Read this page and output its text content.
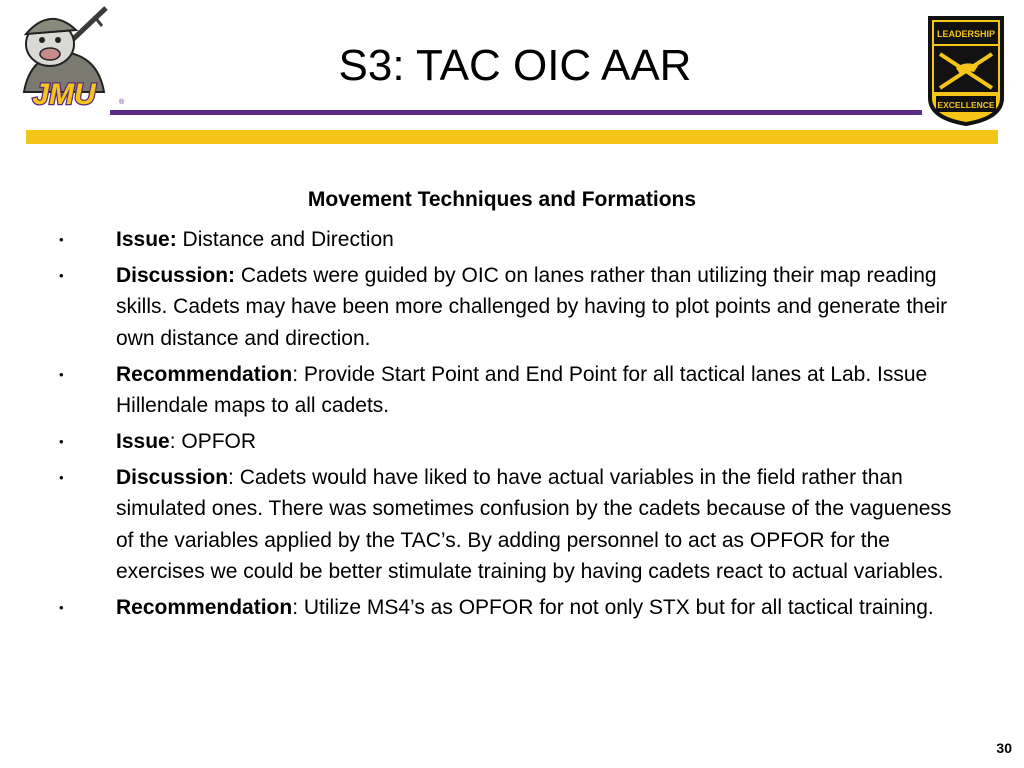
JMU	®
S3: TAC OIC AAR
LEADERSHIP
EXCELLENCE
Movement Techniques and Formations
• Issue: Distance and Direction
• Discussion: Cadets were guided by OIC on lanes rather than utilizing their map reading skills. Cadets may have been more challenged by having to plot points and generate their own distance and direction.
• Recommendation: Provide Start Point and End Point for all tactical lanes at Lab. Issue Hillendale maps to all cadets.
• Issue: OPFOR
• Discussion: Cadets would have liked to have actual variables in the field rather than simulated ones. There was sometimes confusion by the cadets because of the vagueness of the variables applied by the TAC’s. By adding personnel to act as OPFOR for the exercises we could be better stimulate training by having cadets react to actual variables.
• Recommendation: Utilize MS4’s as OPFOR for not only STX but for all tactical training.
30
